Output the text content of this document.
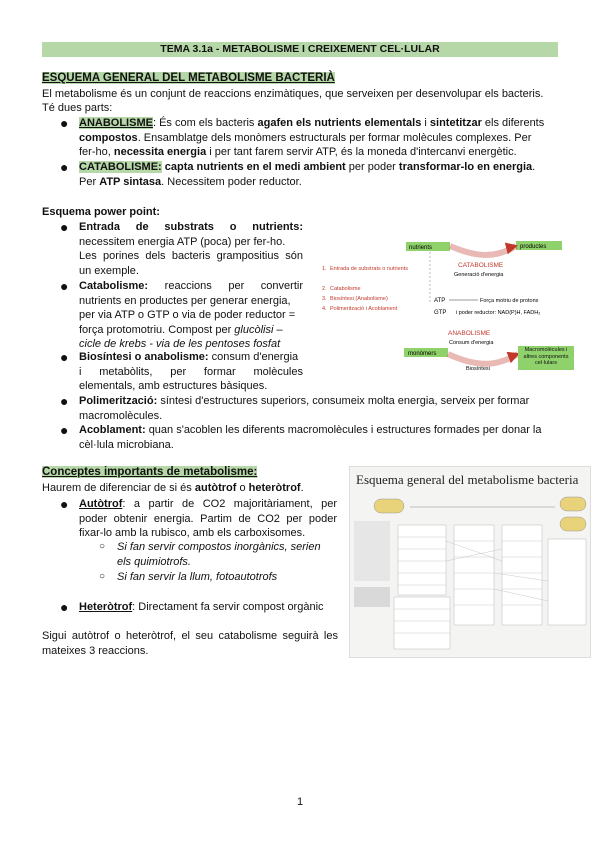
TEMA 3.1a - METABOLISME I CREIXEMENT CEL·LULAR
ESQUEMA GENERAL DEL METABOLISME BACTERIÀ
El metabolisme és un conjunt de reaccions enzimàtiques, que serveixen per desenvolupar els bacteris.
Té dues parts:
● ANABOLISME: És com els bacteris agafen els nutrients elementals i sintetitzar els diferents
compostos. Ensamblatge dels monòmers estructurals per formar molècules complexes. Per
fer-ho, necessita energia i per tant farem servir ATP, és la moneda d'intercanvi energètic.
● CATABOLISME: capta nutrients en el medi ambient per poder transformar-lo en energia.
Per ATP sintasa. Necessitem poder reductor.
Esquema power point:
● Entrada de substrats o nutrients:
necessitem energia ATP (poca) per fer-ho.
Les porines dels bacteris grampositius són
un exemple.
● Catabolisme: reaccions per convertir
nutrients en productes per generar energia,
per via ATP o GTP o via de poder reductor =
força protomotriu. Compost per glucòlisi –
cicle de krebs - via de les pentoses fosfat
● Biosíntesi o anabolisme: consum d'energia
i metabòlits, per formar molècules
elementals, amb estructures bàsiques.
● Polimerització: síntesi d'estructures superiors, consumeix molta energia, serveix per formar
macromolècules.
● Acoblament: quan s'acoblen les diferents macromolècules i estructures formades per donar la
cèl·lula microbiana.
nutrients	productes
CATABOLISME
Generació d'energia
ATP
GTP
Força motriu de protons
i poder reductor: NAD(P)H, FADH₂
ANABOLISME
Consum d'energia
monòmers
Biosíntesi
Macromolècules i altres components cel·lulars
1. Entrada de substrats o nutrients
2. Catabolisme
3. Biosíntesi (Anabolisme)
4. Polimerització i Acoblament
Conceptes importants de metabolisme:
Haurem de diferenciar de si és autòtrof o heteròtrof.
● Autòtrof: a partir de CO2 majoritàriament, per
poder obtenir energia. Partim de CO2 per poder
fixar-lo amb la rubisco, amb els carboxisomes.
○ Si fan servir compostos inorgànics, serien
els quimiotrofs.
○ Si fan servir la llum, fotoautotrofs
● Heteròtrof: Directament fa servir compost orgànic
Sigui autòtrof o heteròtrof, el seu catabolisme seguirà les
mateixes 3 reaccions.
Esquema general del metabolisme bacteria
1
